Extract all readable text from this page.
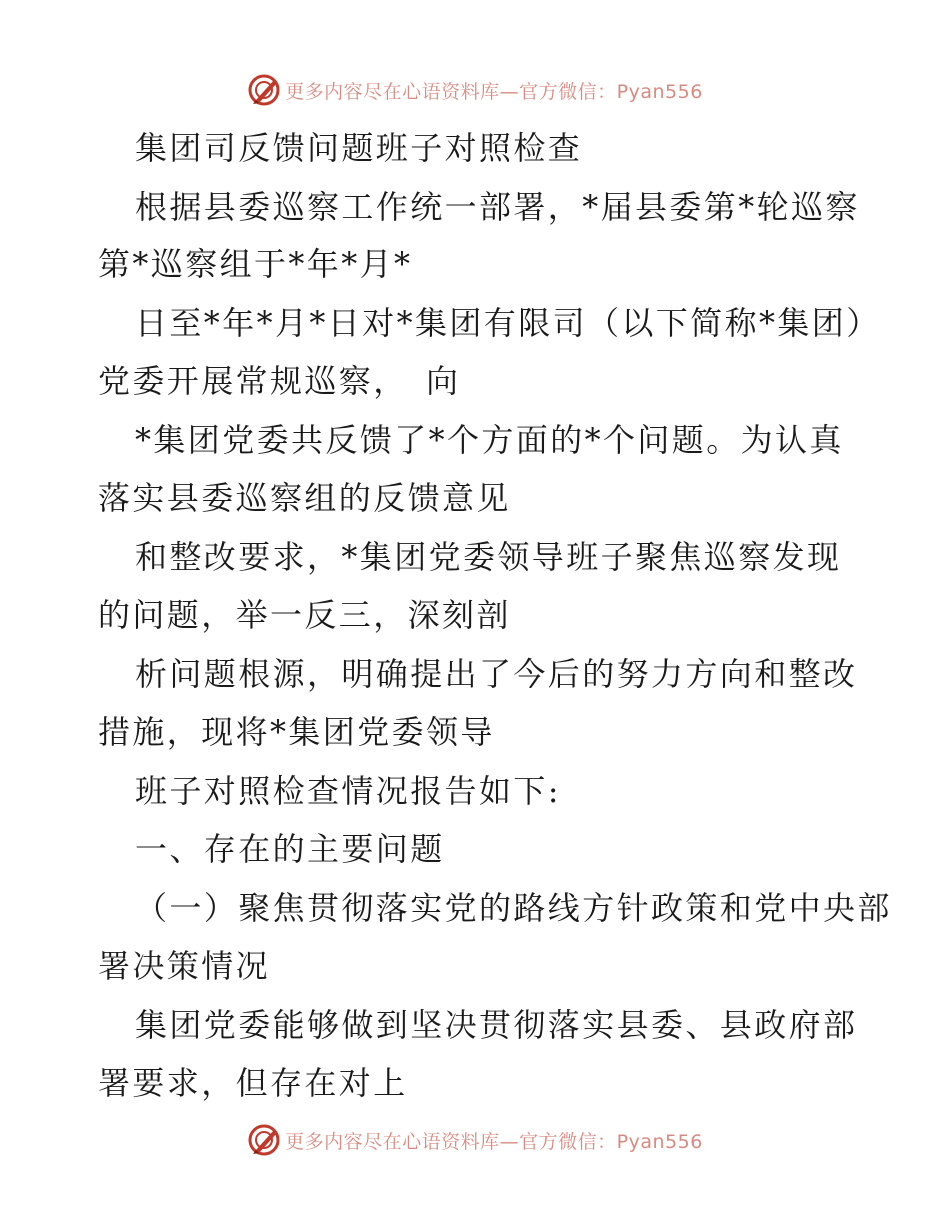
更多内容尽在心语资料库—官方微信：Pyan556
集团司反馈问题班子对照检查
根据县委巡察工作统一部署，*届县委第*轮巡察
第*巡察组于*年*月*
日至*年*月*日对*集团有限司（以下简称*集团）
党委开展常规巡察，　向
*集团党委共反馈了*个方面的*个问题。为认真
落实县委巡察组的反馈意见
和整改要求，*集团党委领导班子聚焦巡察发现
的问题，举一反三，深刻剖
析问题根源，明确提出了今后的努力方向和整改
措施，现将*集团党委领导
班子对照检查情况报告如下:
一、存在的主要问题
（一）聚焦贯彻落实党的路线方针政策和党中央部
署决策情况
集团党委能够做到坚决贯彻落实县委、县政府部
署要求，但存在对上
更多内容尽在心语资料库—官方微信：Pyan556
